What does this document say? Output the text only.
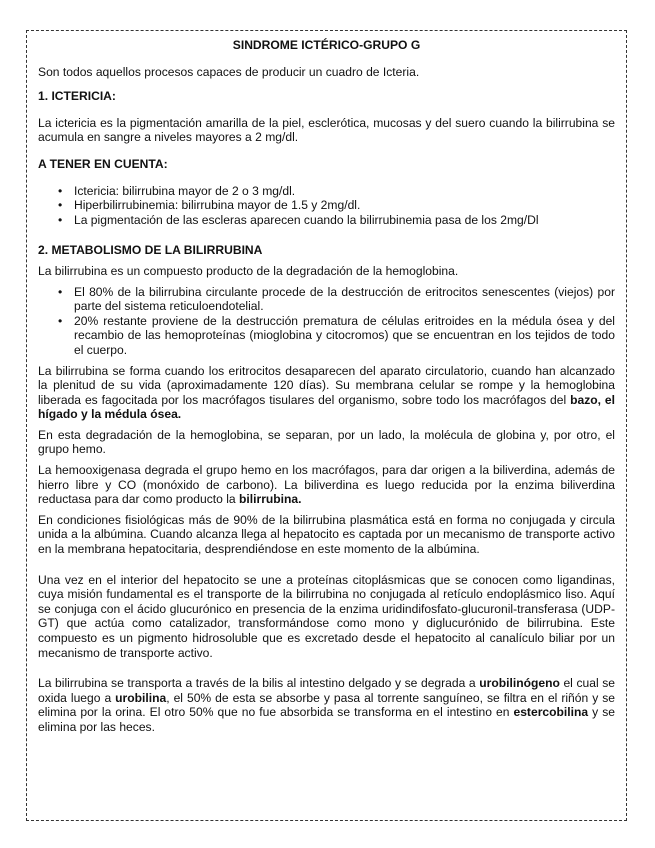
SINDROME ICTÉRICO-GRUPO G
Son todos aquellos procesos capaces de producir un cuadro de Icteria.
1. ICTERICIA:
La ictericia es la pigmentación amarilla de la piel, esclerótica, mucosas y del suero cuando la bilirrubina se acumula en sangre a niveles mayores a 2 mg/dl.
A TENER EN CUENTA:
• Ictericia: bilirrubina mayor de 2 o 3 mg/dl.
• Hiperbilirrubinemia: bilirrubina mayor de 1.5 y 2mg/dl.
• La pigmentación de las escleras aparecen cuando la bilirrubinemia pasa de los 2mg/Dl
2. METABOLISMO DE LA BILIRRUBINA
La bilirrubina es un compuesto producto de la degradación de la hemoglobina.
• El 80% de la bilirrubina circulante procede de la destrucción de eritrocitos senescentes (viejos) por parte del sistema reticuloendotelial.
• 20% restante proviene de la destrucción prematura de células eritroides en la médula ósea y del recambio de las hemoproteínas (mioglobina y citocromos) que se encuentran en los tejidos de todo el cuerpo.
La bilirrubina se forma cuando los eritrocitos desaparecen del aparato circulatorio, cuando han alcanzado la plenitud de su vida (aproximadamente 120 días). Su membrana celular se rompe y la hemoglobina liberada es fagocitada por los macrófagos tisulares del organismo, sobre todo los macrófagos del bazo, el hígado y la médula ósea.
En esta degradación de la hemoglobina, se separan, por un lado, la molécula de globina y, por otro, el grupo hemo.
La hemooxigenasa degrada el grupo hemo en los macrófagos, para dar origen a la biliverdina, además de hierro libre y CO (monóxido de carbono). La biliverdina es luego reducida por la enzima biliverdina reductasa para dar como producto la bilirrubina.
En condiciones fisiológicas más de 90% de la bilirrubina plasmática está en forma no conjugada y circula unida a la albúmina. Cuando alcanza llega al hepatocito es captada por un mecanismo de transporte activo en la membrana hepatocitaria, desprendiéndose en este momento de la albúmina.
Una vez en el interior del hepatocito se une a proteínas citoplásmicas que se conocen como ligandinas, cuya misión fundamental es el transporte de la bilirrubina no conjugada al retículo endoplásmico liso. Aquí se conjuga con el ácido glucurónico en presencia de la enzima uridindifosfato-glucuronil-transferasa (UDP-GT) que actúa como catalizador, transformándose como mono y diglucurónido de bilirrubina. Este compuesto es un pigmento hidrosoluble que es excretado desde el hepatocito al canalículo biliar por un mecanismo de transporte activo.
La bilirrubina se transporta a través de la bilis al intestino delgado y se degrada a urobilinógeno el cual se oxida luego a urobilina, el 50% de esta se absorbe y pasa al torrente sanguíneo, se filtra en el riñón y se elimina por la orina. El otro 50% que no fue absorbida se transforma en el intestino en estercobilina y se elimina por las heces.
